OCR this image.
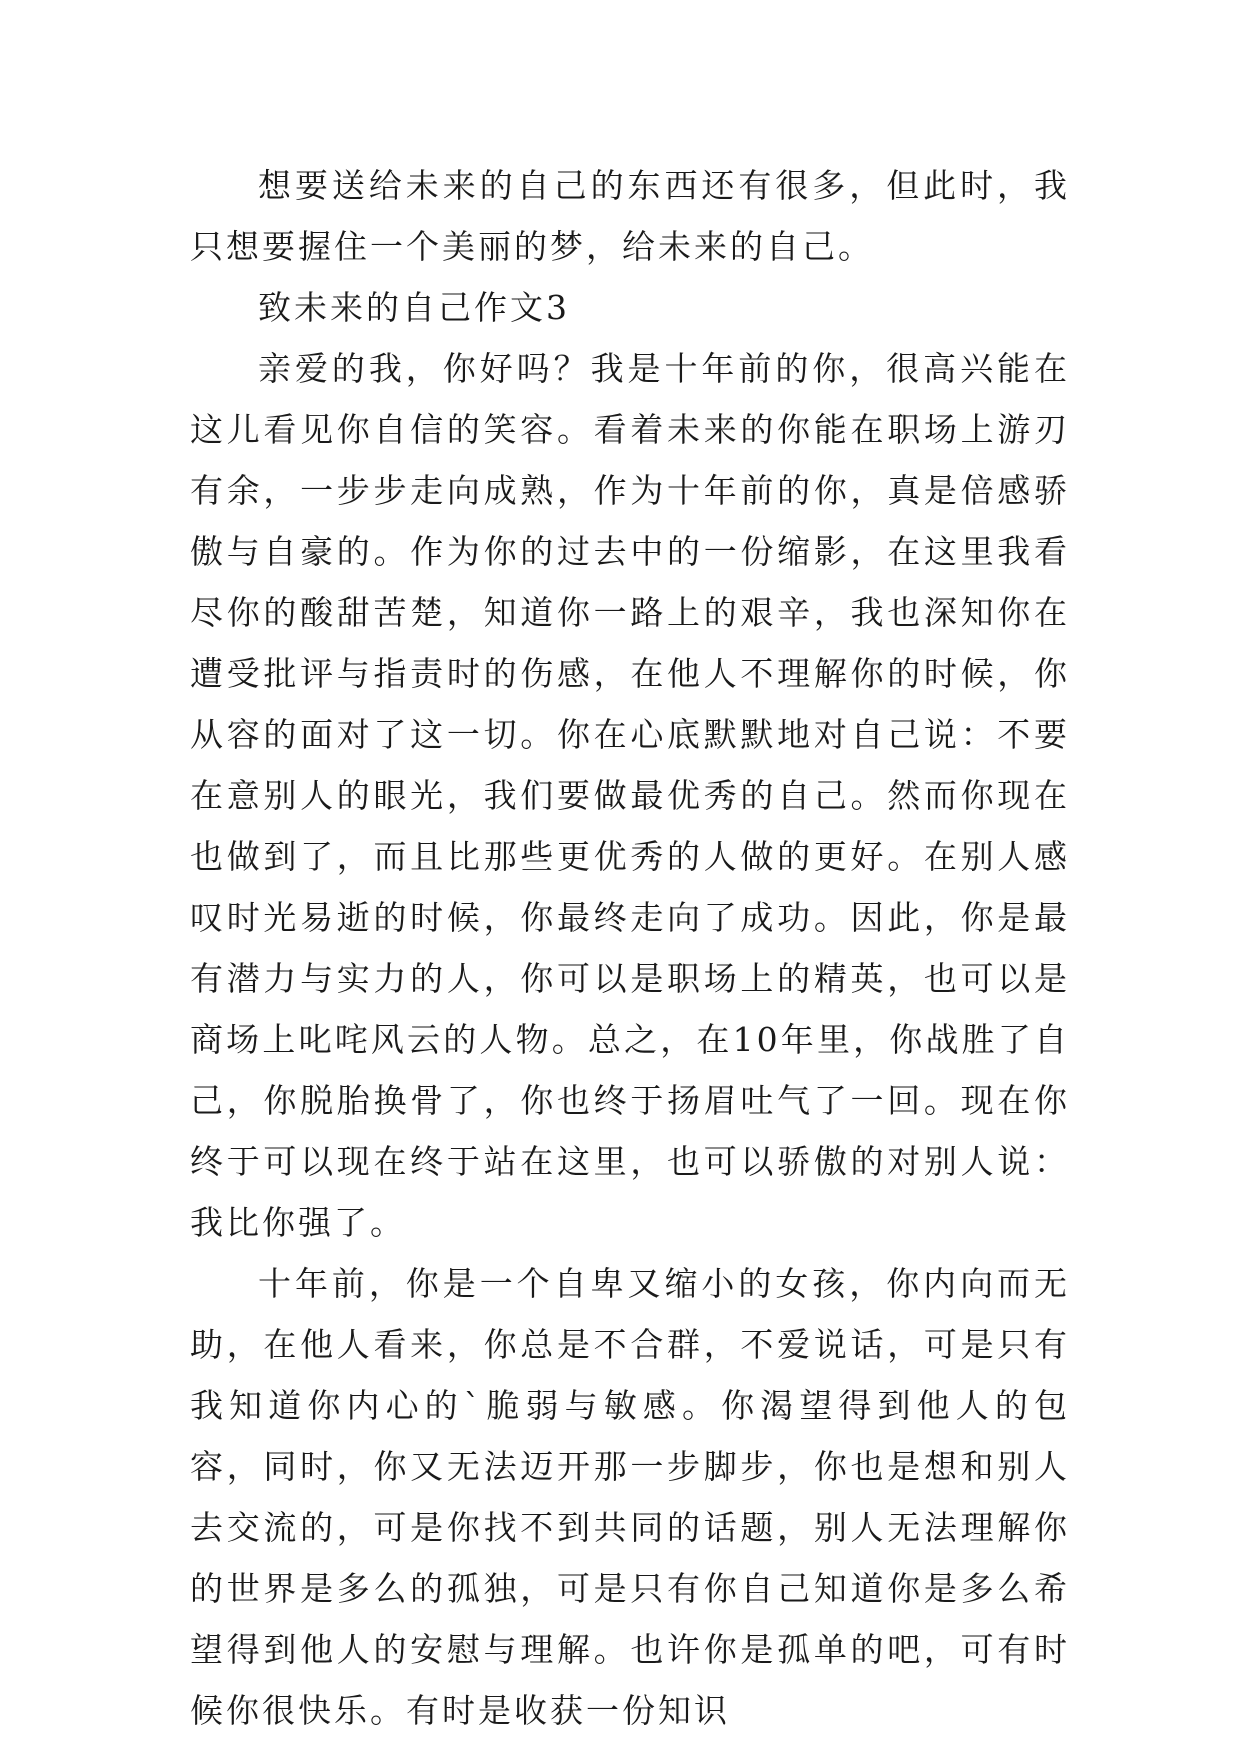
想要送给未来的自己的东西还有很多，但此时，我只想要握住一个美丽的梦，给未来的自己。

致未来的自己作文3

亲爱的我，你好吗？我是十年前的你，很高兴能在这儿看见你自信的笑容。看着未来的你能在职场上游刃有余，一步步走向成熟，作为十年前的你，真是倍感骄傲与自豪的。作为你的过去中的一份缩影，在这里我看尽你的酸甜苦楚，知道你一路上的艰辛，我也深知你在遭受批评与指责时的伤感，在他人不理解你的时候，你从容的面对了这一切。你在心底默默地对自己说：不要在意别人的眼光，我们要做最优秀的自己。然而你现在也做到了，而且比那些更优秀的人做的更好。在别人感叹时光易逝的时候，你最终走向了成功。因此，你是最有潜力与实力的人，你可以是职场上的精英，也可以是商场上叱咤风云的人物。总之，在10年里，你战胜了自己，你脱胎换骨了，你也终于扬眉吐气了一回。现在你终于可以现在终于站在这里，也可以骄傲的对别人说：我比你强了。

十年前，你是一个自卑又缩小的女孩，你内向而无助，在他人看来，你总是不合群，不爱说话，可是只有我知道你内心的`脆弱与敏感。你渴望得到他人的包容，同时，你又无法迈开那一步脚步，你也是想和别人去交流的，可是你找不到共同的话题，别人无法理解你的世界是多么的孤独，可是只有你自己知道你是多么希望得到他人的安慰与理解。也许你是孤单的吧，可有时候你很快乐。有时是收获一份知识
